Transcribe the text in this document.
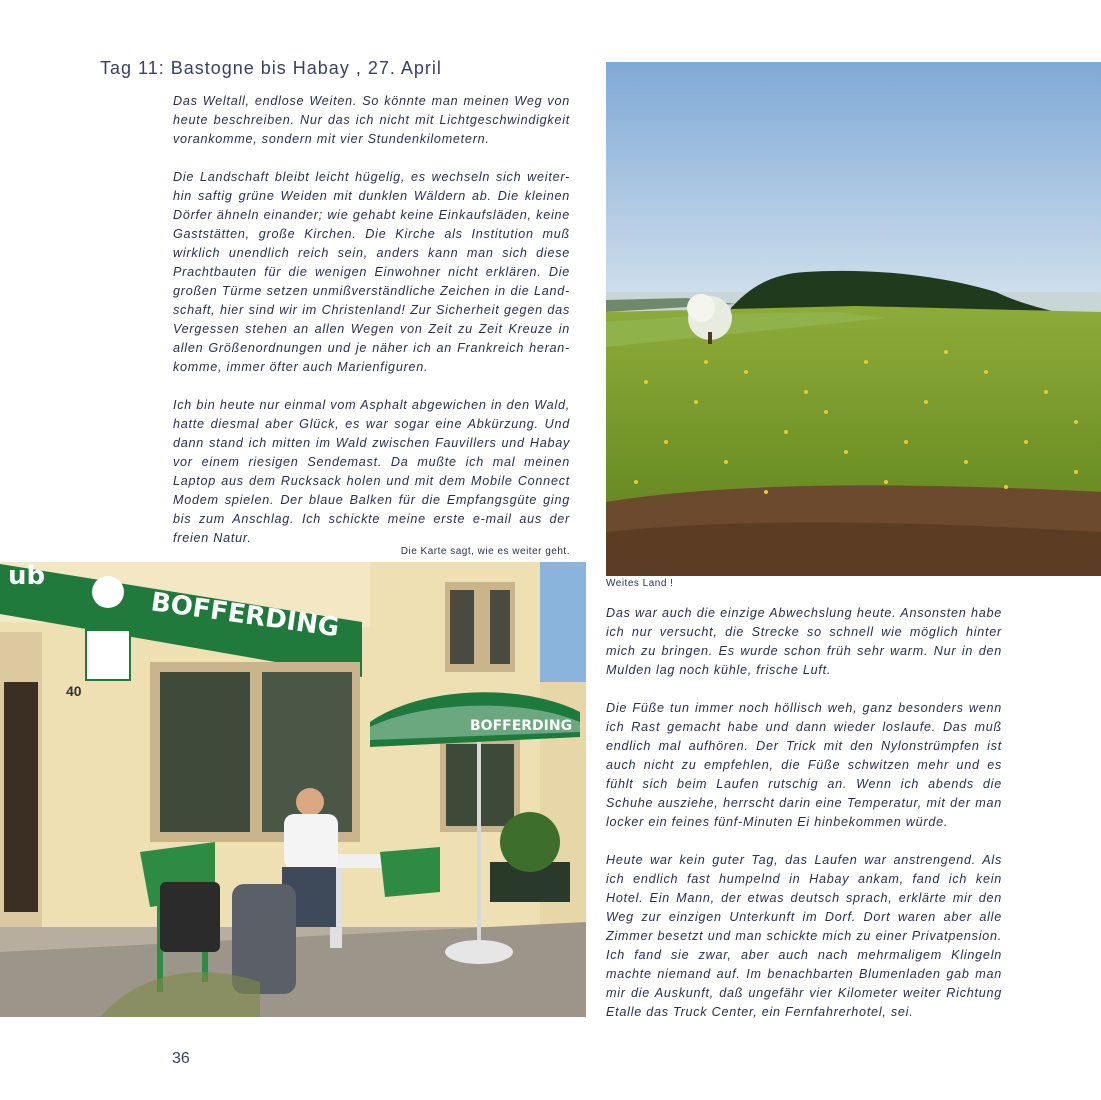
Tag 11: Bastogne bis Habay , 27. April

Das Weltall, endlose Weiten. So könnte man meinen Weg von heute beschreiben. Nur das ich nicht mit Lichtgeschwindigkeit vorankomme, sondern mit vier Stundenkilometern.

Die Landschaft bleibt leicht hügelig, es wechseln sich weiter-hin saftig grüne Weiden mit dunklen Wäldern ab. Die kleinen Dörfer ähneln einander; wie gehabt keine Einkaufsläden, keine Gaststätten, große Kirchen. Die Kirche als Institution muß wirklich unendlich reich sein, anders kann man sich diese Prachtbauten für die wenigen Einwohner nicht erklären. Die großen Türme setzen unmißverständliche Zeichen in die Land-schaft, hier sind wir im Christenland! Zur Sicherheit gegen das Vergessen stehen an allen Wegen von Zeit zu Zeit Kreuze in allen Größenordnungen und je näher ich an Frankreich heran-komme, immer öfter auch Marienfiguren.

Ich bin heute nur einmal vom Asphalt abgewichen in den Wald, hatte diesmal aber Glück, es war sogar eine Abkürzung. Und dann stand ich mitten im Wald zwischen Fauvillers und Habay vor einem riesigen Sendemast. Da mußte ich mal meinen Laptop aus dem Rucksack holen und mit dem Mobile Connect Modem spielen. Der blaue Balken für die Empfangsgüte ging bis zum Anschlag. Ich schickte meine erste e-mail aus der freien Natur.

Die Karte sagt, wie es weiter geht.
Weites Land !
BOFFERDING
ub
40
BOFFERDING

Das war auch die einzige Abwechslung heute. Ansonsten habe ich nur versucht, die Strecke so schnell wie möglich hinter mich zu bringen. Es wurde schon früh sehr warm. Nur in den Mulden lag noch kühle, frische Luft.

Die Füße tun immer noch höllisch weh, ganz besonders wenn ich Rast gemacht habe und dann wieder loslaufe. Das muß endlich mal aufhören. Der Trick mit den Nylonstrümpfen ist auch nicht zu empfehlen, die Füße schwitzen mehr und es fühlt sich beim Laufen rutschig an. Wenn ich abends die Schuhe ausziehe, herrscht darin eine Temperatur, mit der man locker ein feines fünf-Minuten Ei hinbekommen würde.

Heute war kein guter Tag, das Laufen war anstrengend. Als ich endlich fast humpelnd in Habay ankam, fand ich kein Hotel. Ein Mann, der etwas deutsch sprach, erklärte mir den Weg zur einzigen Unterkunft im Dorf. Dort waren aber alle Zimmer besetzt und man schickte mich zu einer Privatpension. Ich fand sie zwar, aber auch nach mehrmaligem Klingeln machte niemand auf. Im benachbarten Blumenladen gab man mir die Auskunft, daß ungefähr vier Kilometer weiter Richtung Etalle das Truck Center, ein Fernfahrerhotel, sei.

36
